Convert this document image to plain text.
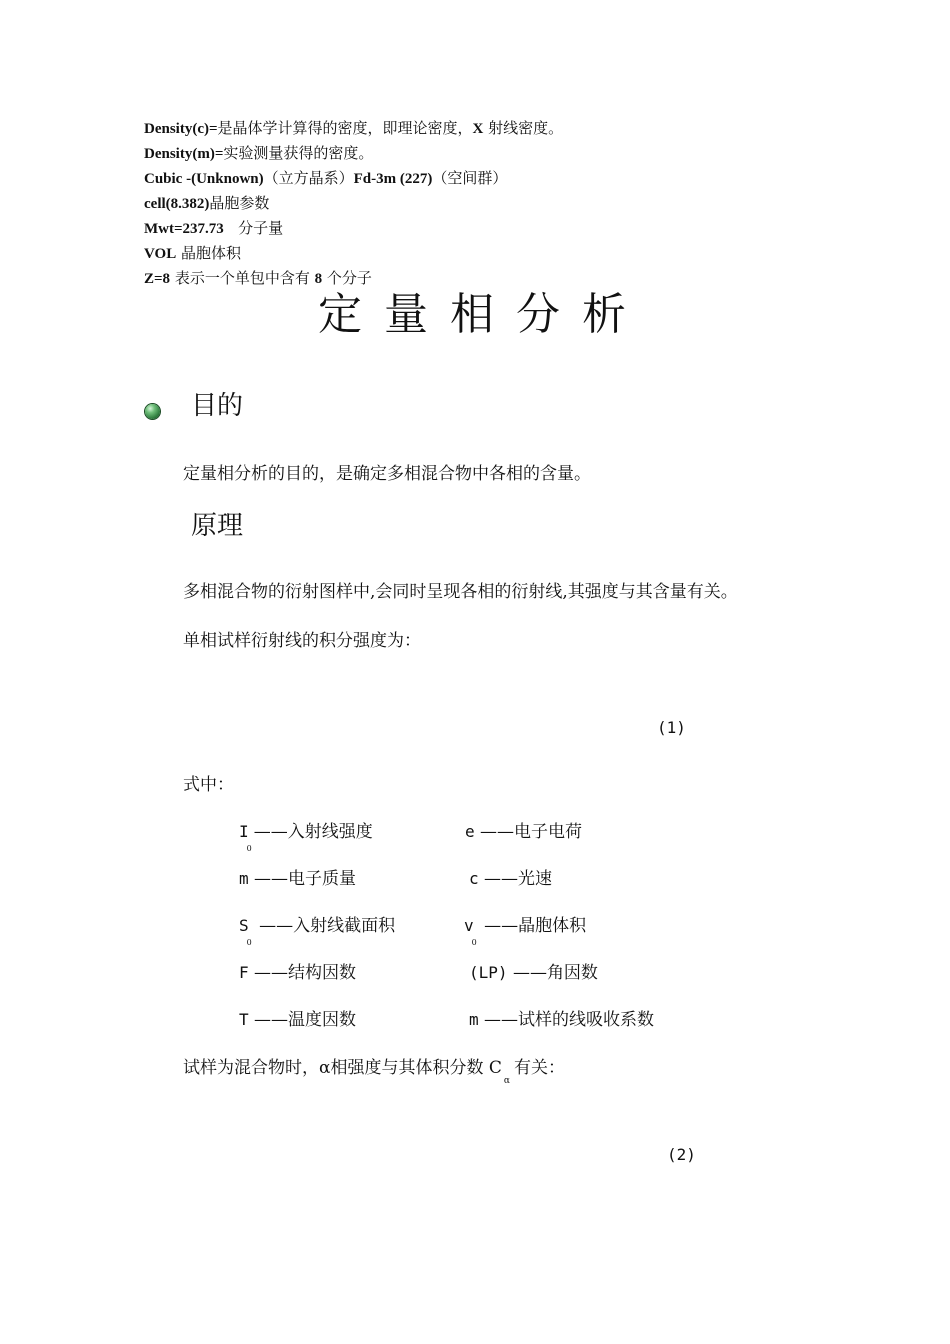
Density(c)=是晶体学计算得的密度，即理论密度，X 射线密度。
Density(m)=实验测量获得的密度。
Cubic -(Unknown)（立方晶系）Fd-3m (227)（空间群）
cell(8.382)晶胞参数
Mwt=237.73 分子量
VOL 晶胞体积
Z=8 表示一个单包中含有 8 个分子
定量相分析
目的
定量相分析的目的，是确定多相混合物中各相的含量。
原理
多相混合物的衍射图样中,会同时呈现各相的衍射线,其强度与其含量有关。
单相试样衍射线的积分强度为：
(1)
式中：
$I_0——$入射线强度	e ——电子电荷
m ——电子质量	c ——光速
$S_0$ ——入射线截面积	$v_0$ ——晶胞体积
F ——结构因数	(LP) ——角因数
T ——温度因数	m ——试样的线吸收系数
试样为混合物时，α相强度与其体积分数 $C_\alpha$有关：
(2)
